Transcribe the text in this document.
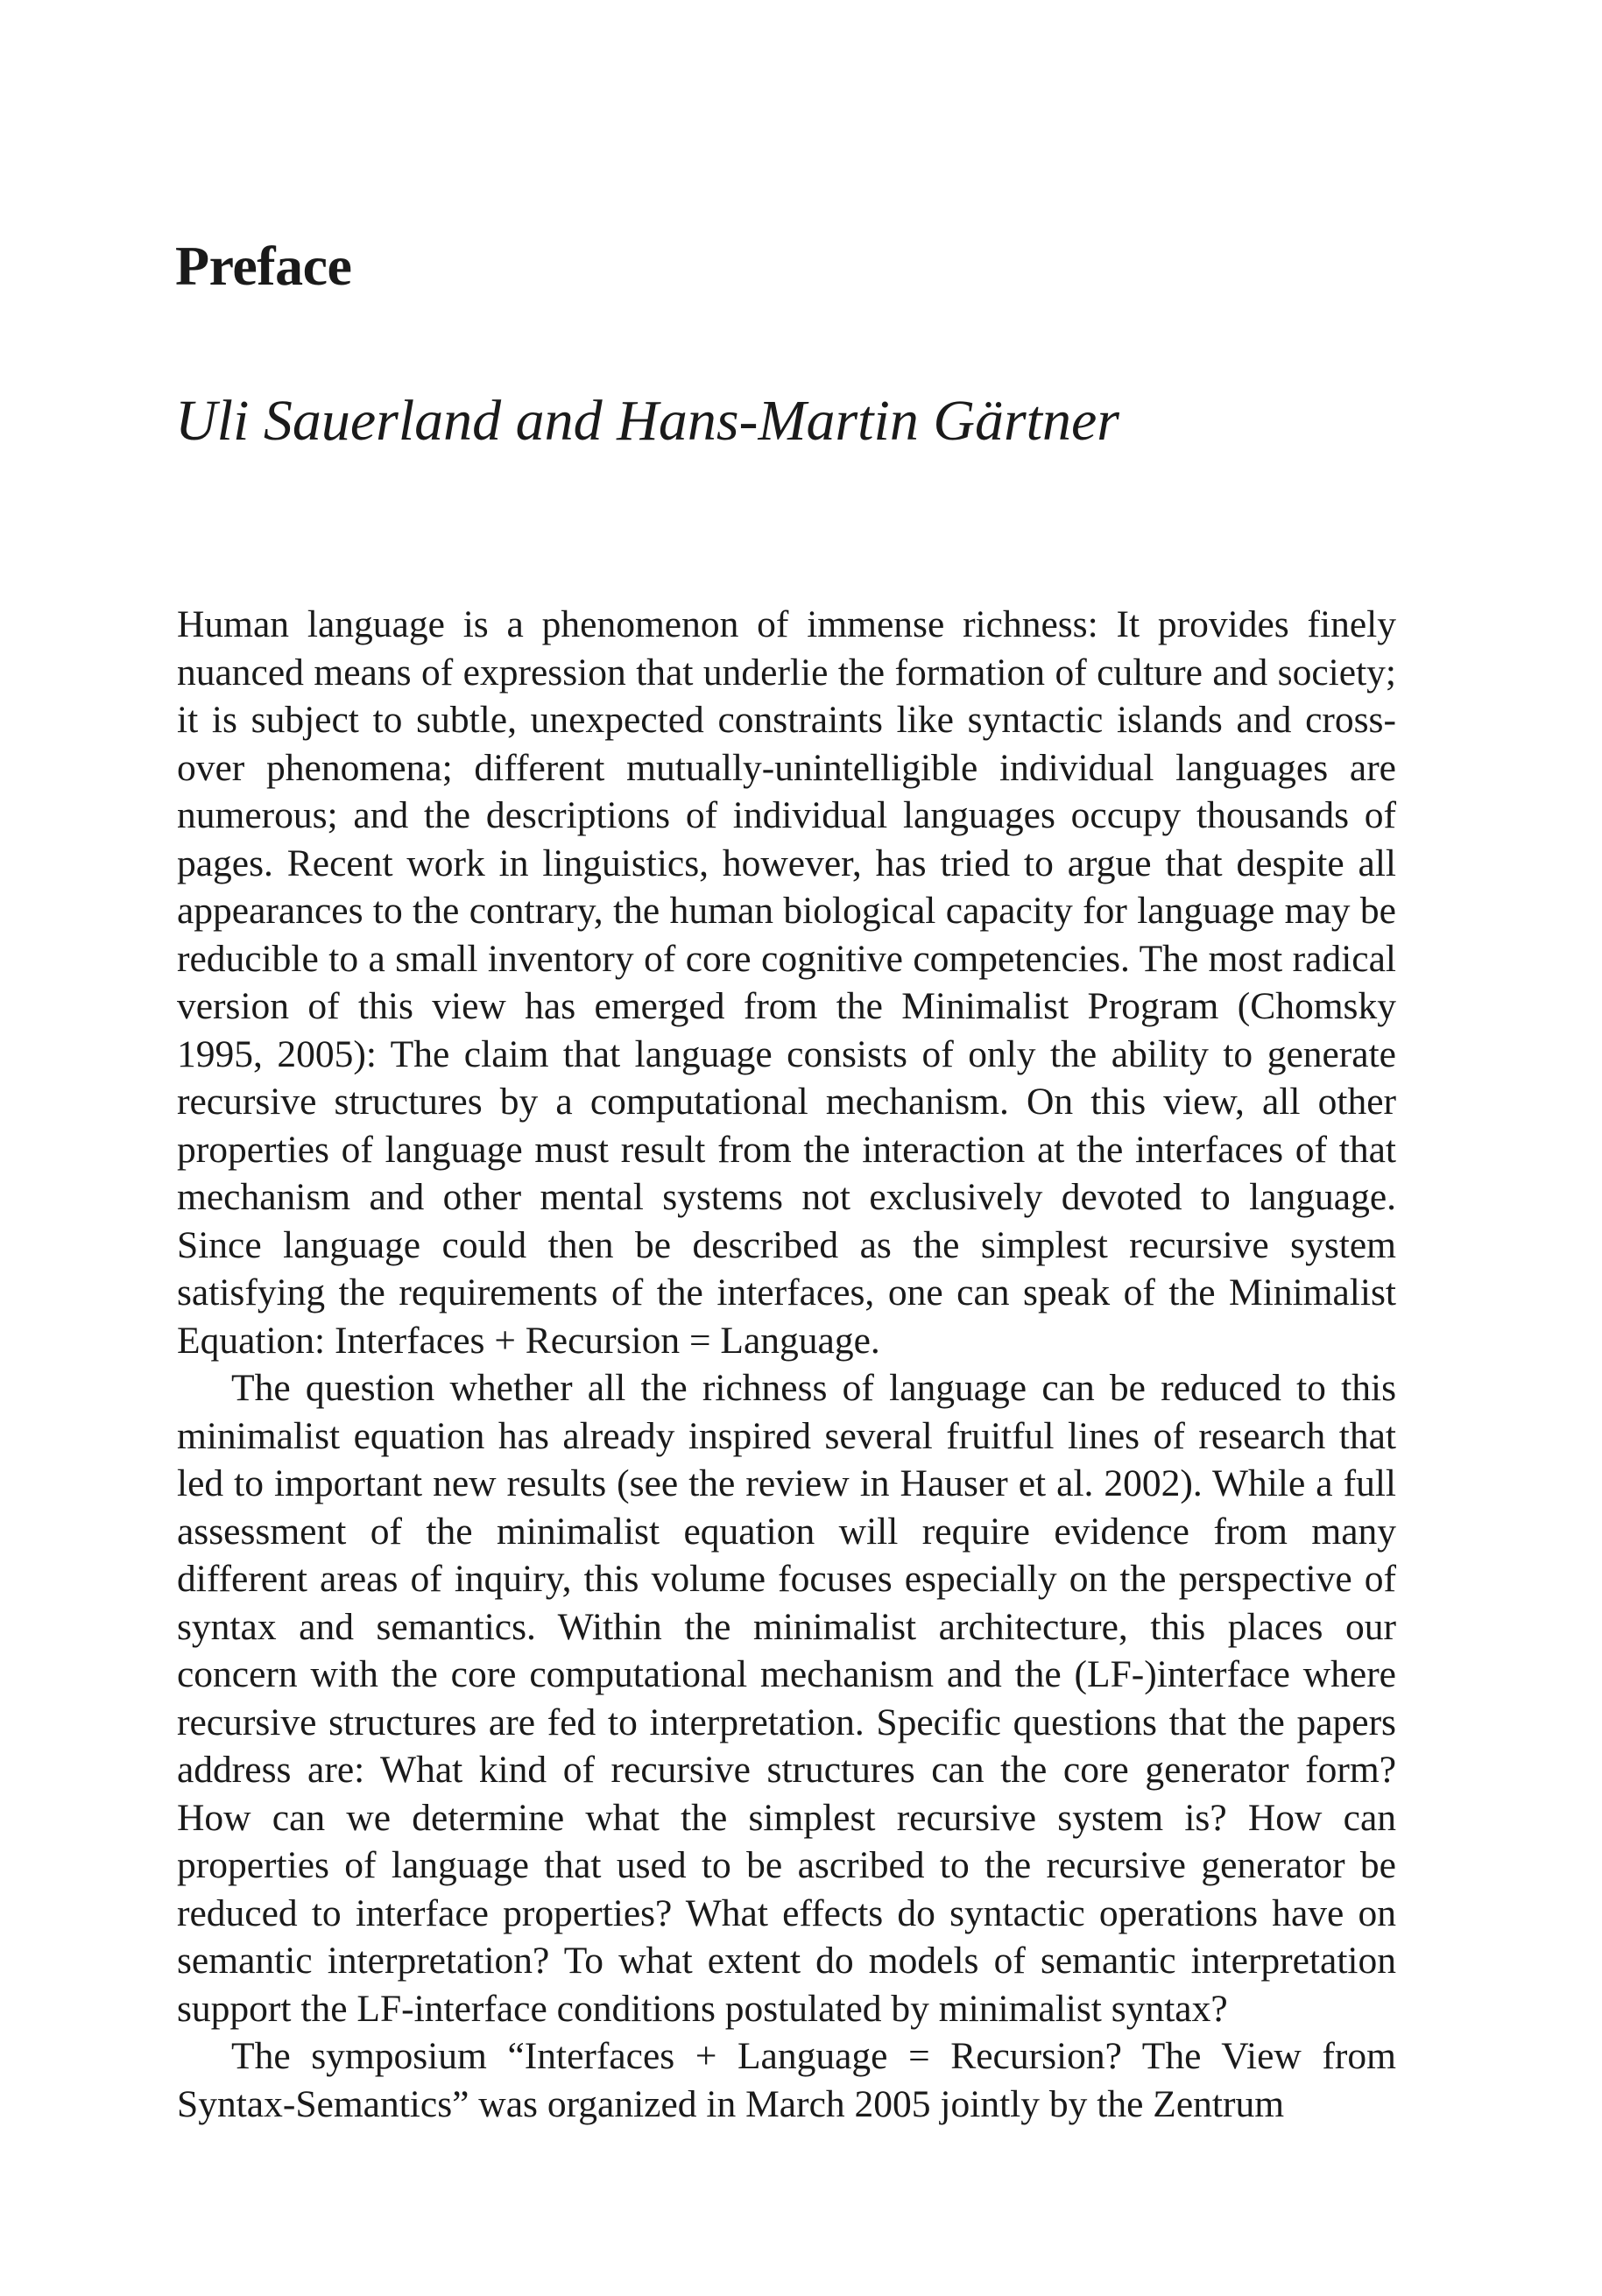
Preface
Uli Sauerland and Hans-Martin Gärtner

Human language is a phenomenon of immense richness: It provides finely nuanced means of expression that underlie the formation of culture and society; it is subject to subtle, unexpected constraints like syntactic islands and crossover phenomena; different mutually-unintelligible individual languages are numerous; and the descriptions of individual languages occupy thousands of pages. Recent work in linguistics, however, has tried to argue that despite all appearances to the contrary, the human biological capacity for language may be reducible to a small inventory of core cognitive competencies. The most radical version of this view has emerged from the Minimalist Program (Chomsky 1995, 2005): The claim that language consists of only the ability to generate recursive structures by a computational mechanism. On this view, all other properties of language must result from the interaction at the interfaces of that mechanism and other mental systems not exclusively devoted to language. Since language could then be described as the simplest recursive system satisfying the requirements of the interfaces, one can speak of the Minimalist Equation: Interfaces + Recursion = Language.

The question whether all the richness of language can be reduced to this minimalist equation has already inspired several fruitful lines of research that led to important new results (see the review in Hauser et al. 2002). While a full assessment of the minimalist equation will require evidence from many different areas of inquiry, this volume focuses especially on the perspective of syntax and semantics. Within the minimalist architecture, this places our concern with the core computational mechanism and the (LF-)interface where recursive structures are fed to interpretation. Specific questions that the papers address are: What kind of recursive structures can the core generator form? How can we determine what the simplest recursive system is? How can properties of language that used to be ascribed to the recursive generator be reduced to interface properties? What effects do syntactic operations have on semantic interpretation? To what extent do models of semantic interpretation support the LF-interface conditions postulated by minimalist syntax?

The symposium “Interfaces + Language = Recursion? The View from Syntax-Semantics” was organized in March 2005 jointly by the Zentrum
